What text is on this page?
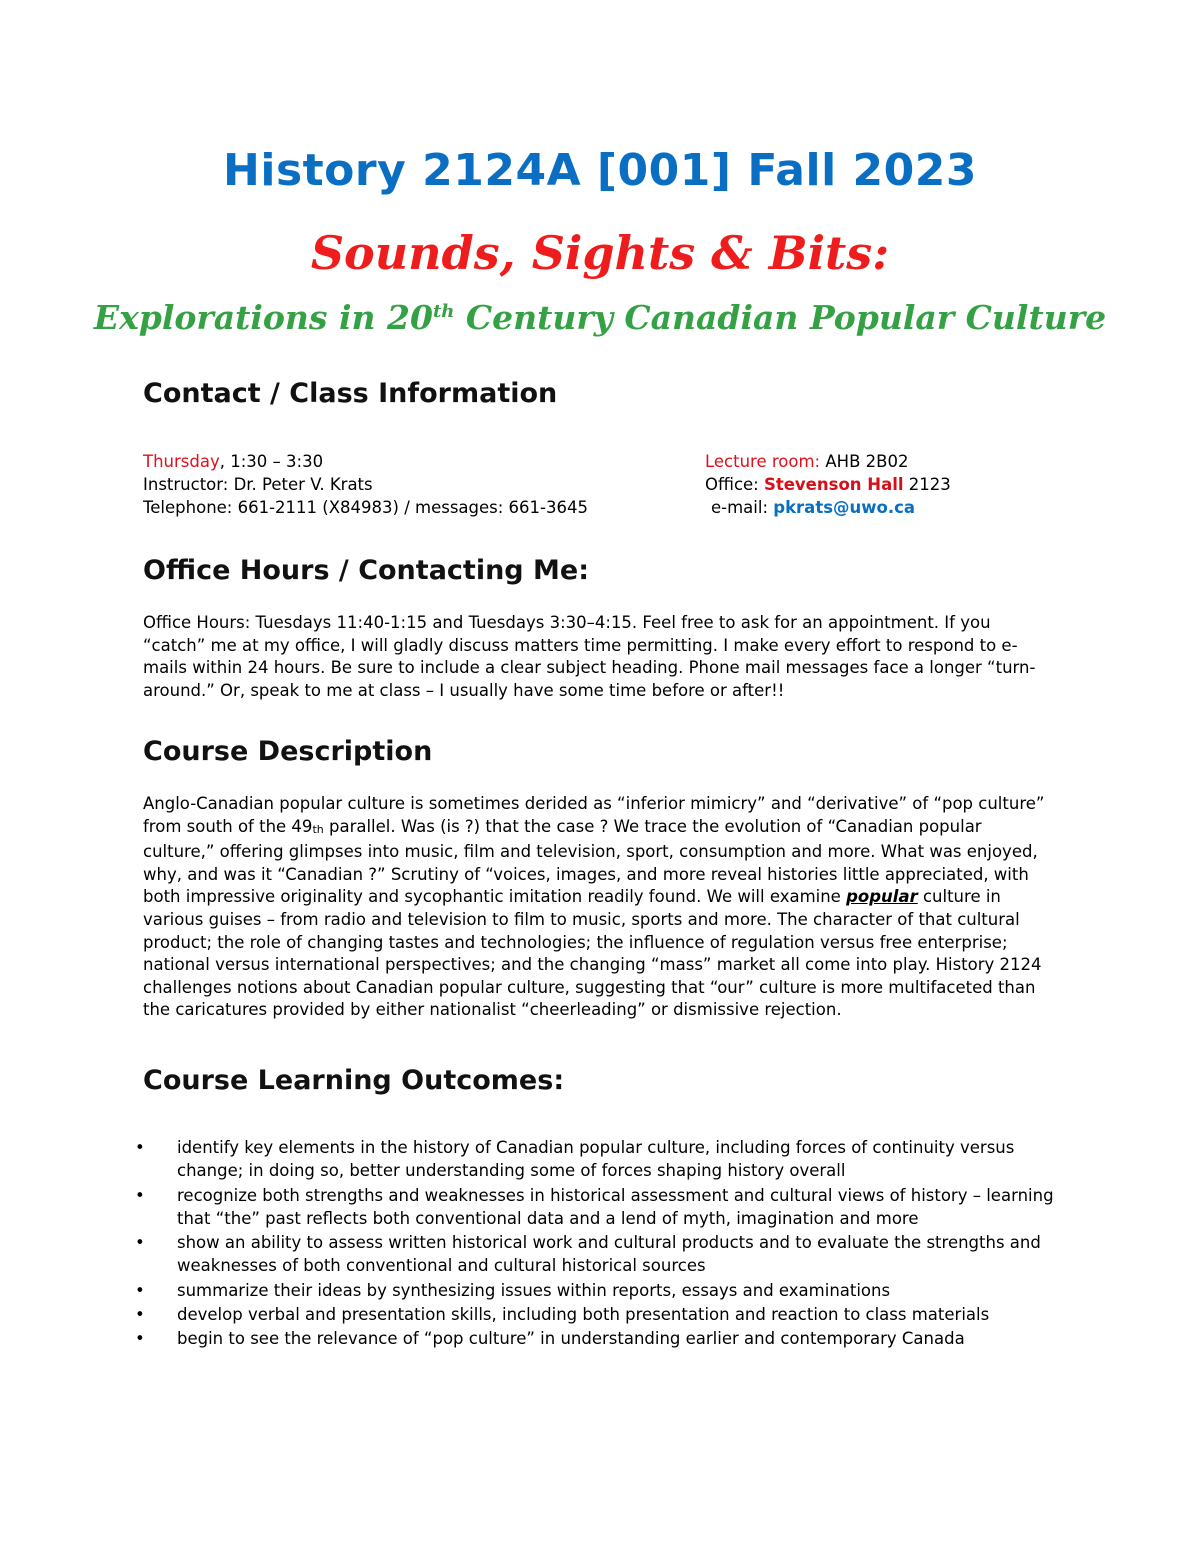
History 2124A [001] Fall 2023
Sounds, Sights & Bits:
Explorations in 20th Century Canadian Popular Culture
Contact / Class Information
Thursday, 1:30 – 3:30
Instructor: Dr. Peter V. Krats
Telephone: 661-2111 (X84983) / messages: 661-3645
Lecture room: AHB 2B02
Office: Stevenson Hall 2123
e-mail: pkrats@uwo.ca
Office Hours / Contacting Me:
Office Hours: Tuesdays 11:40-1:15 and Tuesdays 3:30–4:15. Feel free to ask for an appointment. If you “catch” me at my office, I will gladly discuss matters time permitting. I make every effort to respond to e-mails within 24 hours. Be sure to include a clear subject heading. Phone mail messages face a longer “turn-around.” Or, speak to me at class – I usually have some time before or after!!
Course Description
Anglo-Canadian popular culture is sometimes derided as “inferior mimicry” and “derivative” of “pop culture” from south of the $49_{th}$ parallel. Was (is ?) that the case ? We trace the evolution of “Canadian popular culture,” offering glimpses into music, film and television, sport, consumption and more. What was enjoyed, why, and was it “Canadian ?” Scrutiny of “voices, images, and more reveal histories little appreciated, with both impressive originality and sycophantic imitation readily found. We will examine popular culture in various guises – from radio and television to film to music, sports and more. The character of that cultural product; the role of changing tastes and technologies; the influence of regulation versus free enterprise; national versus international perspectives; and the changing “mass” market all come into play. History 2124 challenges notions about Canadian popular culture, suggesting that “our” culture is more multifaceted than the caricatures provided by either nationalist “cheerleading” or dismissive rejection.
Course Learning Outcomes:
• identify key elements in the history of Canadian popular culture, including forces of continuity versus change; in doing so, better understanding some of forces shaping history overall
• recognize both strengths and weaknesses in historical assessment and cultural views of history – learning that “the” past reflects both conventional data and a lend of myth, imagination and more
• show an ability to assess written historical work and cultural products and to evaluate the strengths and weaknesses of both conventional and cultural historical sources
• summarize their ideas by synthesizing issues within reports, essays and examinations
• develop verbal and presentation skills, including both presentation and reaction to class materials
• begin to see the relevance of “pop culture” in understanding earlier and contemporary Canada
